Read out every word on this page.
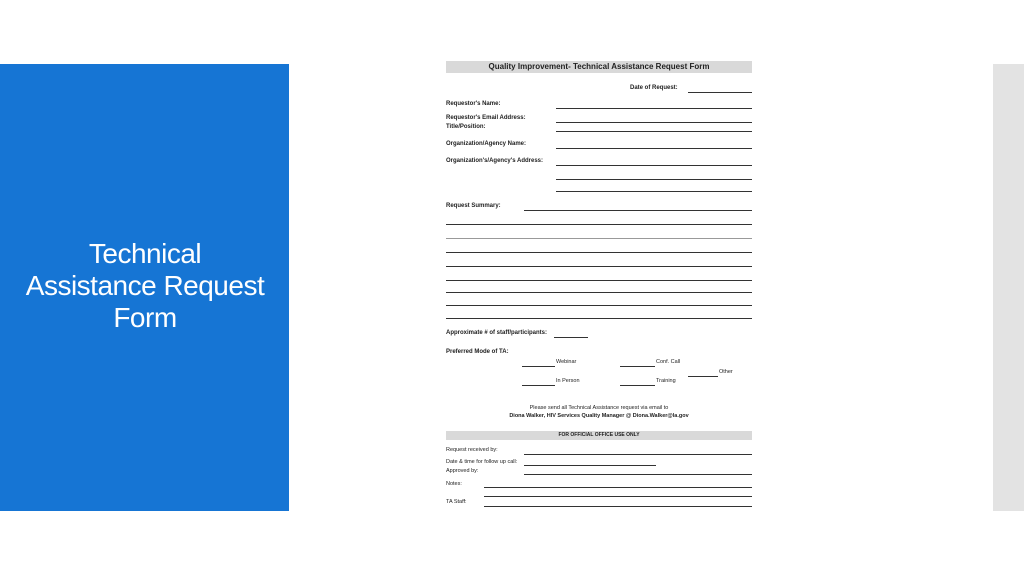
Technical
Assistance Request
Form
Quality Improvement- Technical Assistance Request Form
Date of Request:
Requestor's Name:
Requestor's Email Address:
Title/Position:
Organization/Agency Name:
Organization's/Agency's Address:
Request Summary:
Approximate # of staff/participants:
Preferred Mode of TA:
Webinar	Conf. Call
Other
In Person	Training
Please send all Technical Assistance request via email to
Diona Walker, HIV Services Quality Manager @ Diona.Walker@la.gov
FOR OFFICIAL OFFICE USE ONLY
Request received by:
Date & time for follow up call:
Approved by:
Notes:
TA Staff:
